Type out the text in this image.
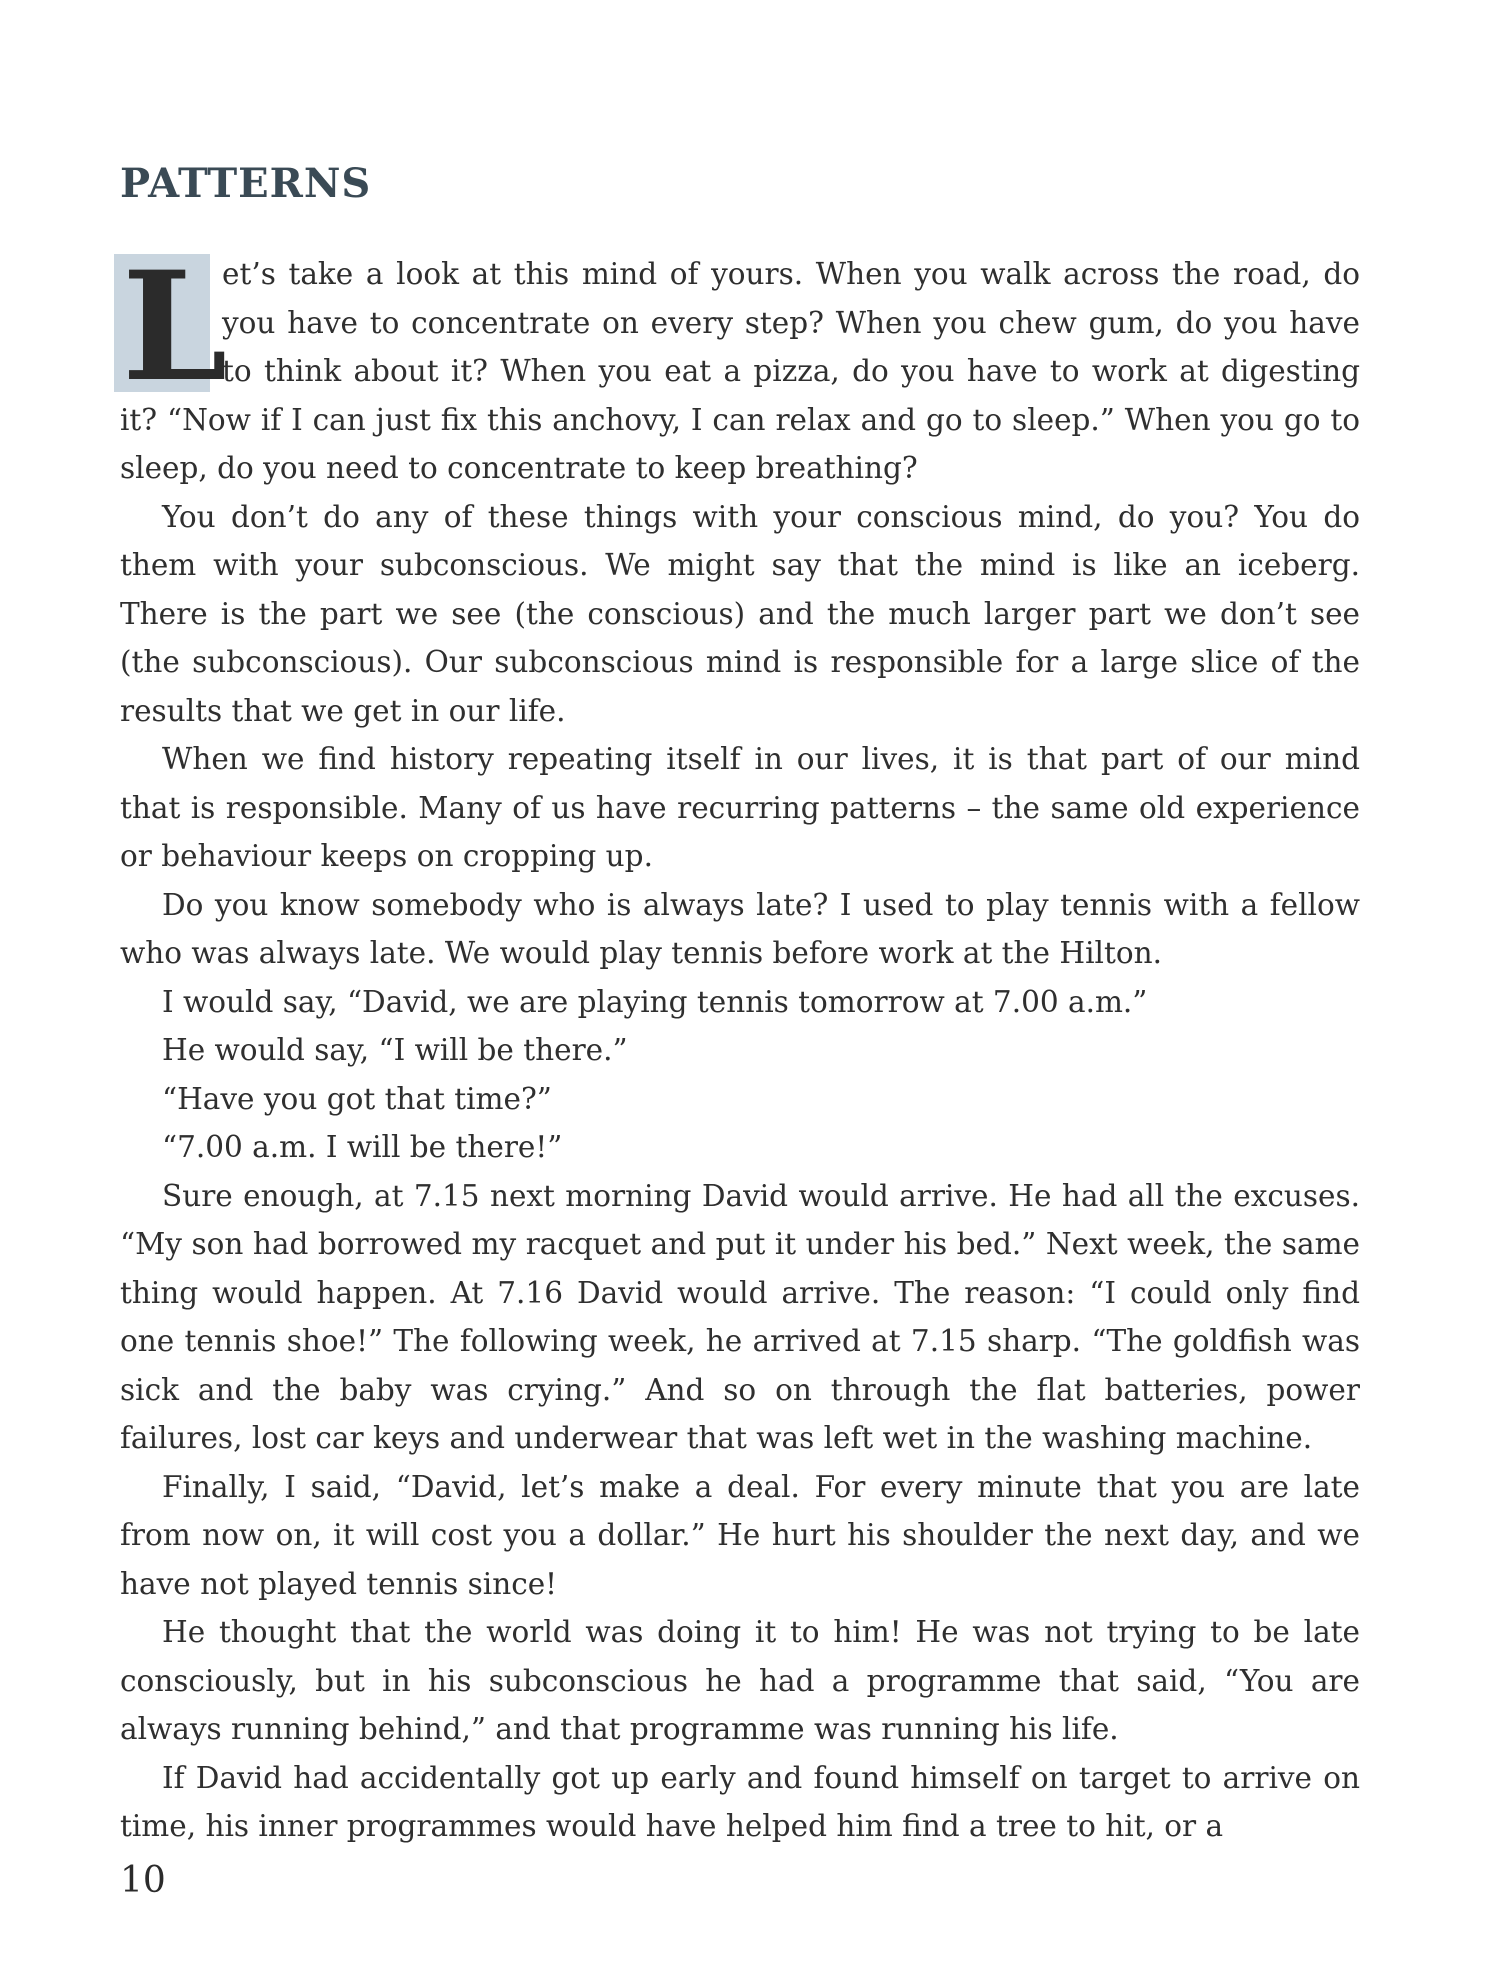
PATTERNS

L
et’s take a look at this mind of yours. When you walk across the road, do you have to concentrate on every step? When you chew gum, do you have to think about it? When you eat a pizza, do you have to work at digesting it? “Now if I can just fix this anchovy, I can relax and go to sleep.” When you go to sleep, do you need to concentrate to keep breathing?

You don’t do any of these things with your conscious mind, do you? You do them with your subconscious. We might say that the mind is like an iceberg. There is the part we see (the conscious) and the much larger part we don’t see (the subconscious). Our subconscious mind is responsible for a large slice of the results that we get in our life.

When we find history repeating itself in our lives, it is that part of our mind that is responsible. Many of us have recurring patterns – the same old experience or behaviour keeps on cropping up.

Do you know somebody who is always late? I used to play tennis with a fellow who was always late. We would play tennis before work at the Hilton.

I would say, “David, we are playing tennis tomorrow at 7.00 a.m.”

He would say, “I will be there.”

“Have you got that time?”

“7.00 a.m. I will be there!”

Sure enough, at 7.15 next morning David would arrive. He had all the excuses. “My son had borrowed my racquet and put it under his bed.” Next week, the same thing would happen. At 7.16 David would arrive. The reason: “I could only find one tennis shoe!” The following week, he arrived at 7.15 sharp. “The goldfish was sick and the baby was crying.” And so on through the flat batteries, power failures, lost car keys and underwear that was left wet in the washing machine.

Finally, I said, “David, let’s make a deal. For every minute that you are late from now on, it will cost you a dollar.” He hurt his shoulder the next day, and we have not played tennis since!

He thought that the world was doing it to him! He was not trying to be late consciously, but in his subconscious he had a programme that said, “You are always running behind,” and that programme was running his life.

If David had accidentally got up early and found himself on target to arrive on time, his inner programmes would have helped him find a tree to hit, or a

10
